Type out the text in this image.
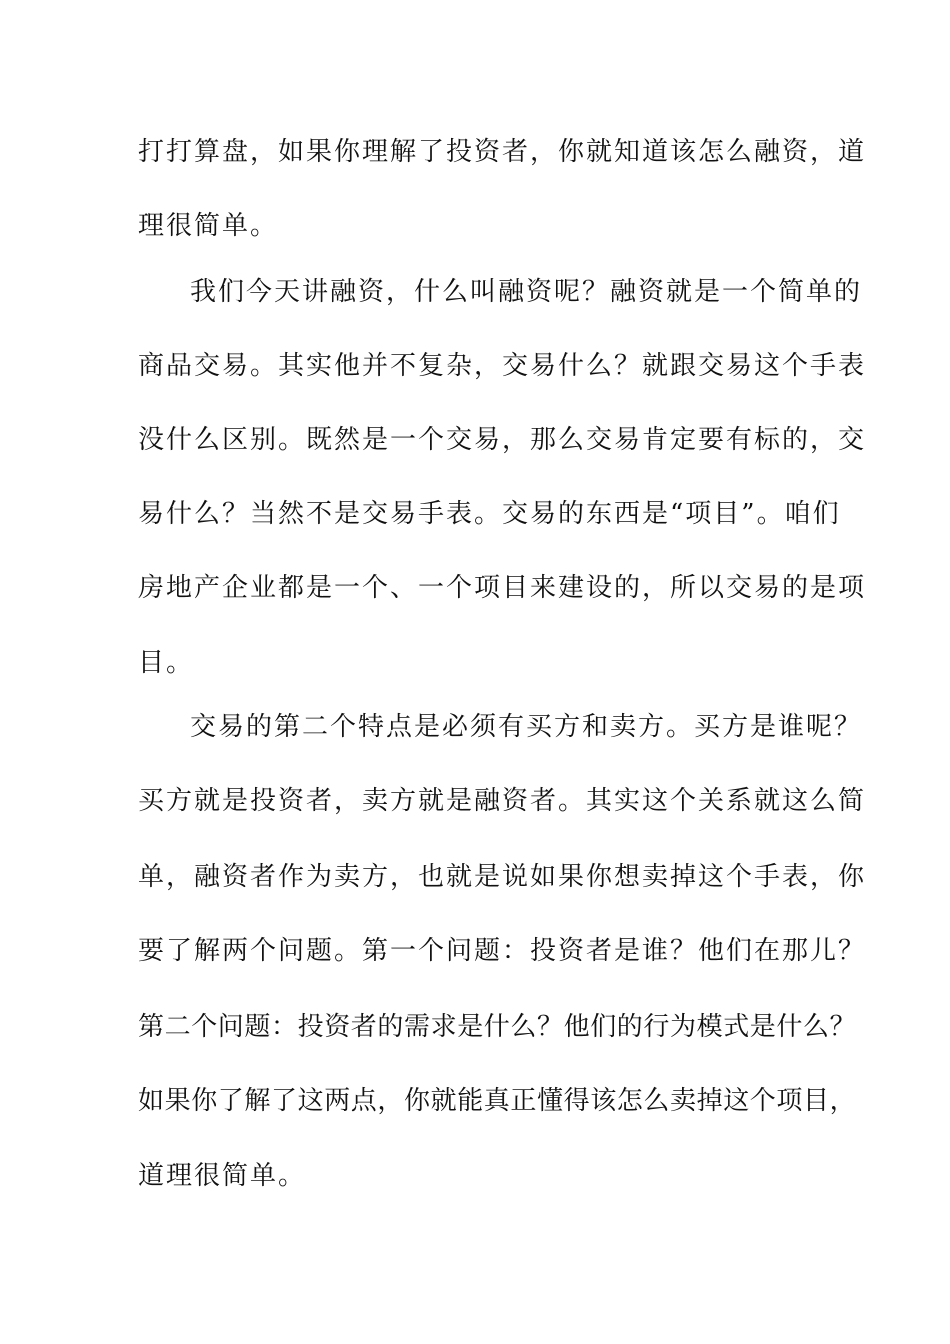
打打算盘，如果你理解了投资者，你就知道该怎么融资，道
理很简单。
我们今天讲融资，什么叫融资呢？融资就是一个简单的
商品交易。其实他并不复杂，交易什么？就跟交易这个手表
没什么区别。既然是一个交易，那么交易肯定要有标的，交
易什么？当然不是交易手表。交易的东西是“项目”。咱们
房地产企业都是一个、一个项目来建设的，所以交易的是项
目。
交易的第二个特点是必须有买方和卖方。买方是谁呢？
买方就是投资者，卖方就是融资者。其实这个关系就这么简
单，融资者作为卖方，也就是说如果你想卖掉这个手表，你
要了解两个问题。第一个问题：投资者是谁？他们在那儿？
第二个问题：投资者的需求是什么？他们的行为模式是什么？
如果你了解了这两点，你就能真正懂得该怎么卖掉这个项目，
道理很简单。
